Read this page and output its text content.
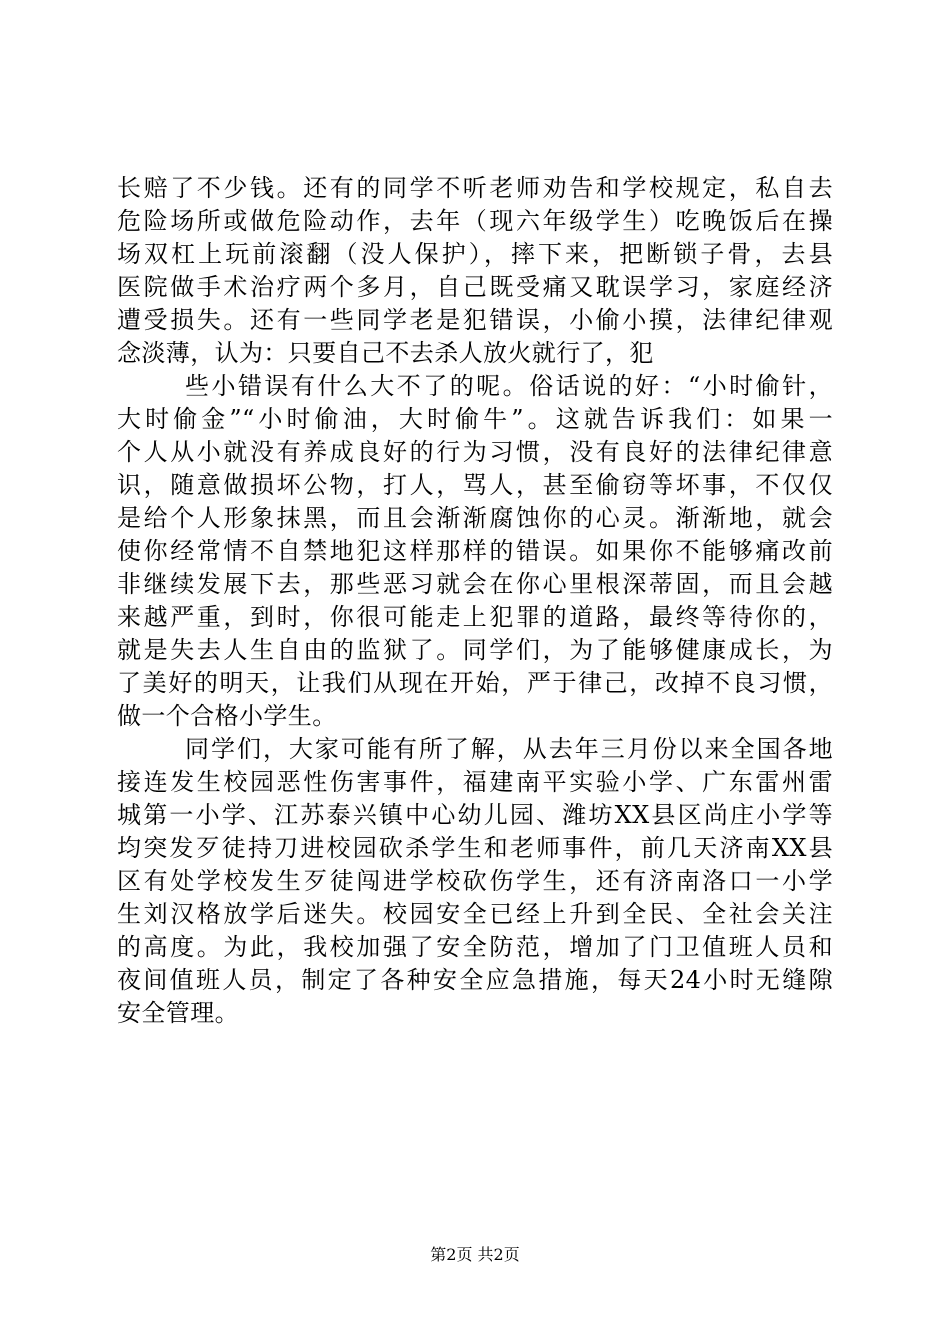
长赔了不少钱。还有的同学不听老师劝告和学校规定，私自去
危险场所或做危险动作，去年（现六年级学生）吃晚饭后在操
场双杠上玩前滚翻（没人保护），摔下来，把断锁子骨，去县
医院做手术治疗两个多月，自己既受痛又耽误学习，家庭经济
遭受损失。还有一些同学老是犯错误，小偷小摸，法律纪律观
念淡薄，认为：只要自己不去杀人放火就行了，犯
些小错误有什么大不了的呢。俗话说的好：“小时偷针，
大时偷金”“小时偷油，大时偷牛”。这就告诉我们：如果一
个人从小就没有养成良好的行为习惯，没有良好的法律纪律意
识，随意做损坏公物，打人，骂人，甚至偷窃等坏事，不仅仅
是给个人形象抹黑，而且会渐渐腐蚀你的心灵。渐渐地，就会
使你经常情不自禁地犯这样那样的错误。如果你不能够痛改前
非继续发展下去，那些恶习就会在你心里根深蒂固，而且会越
来越严重，到时，你很可能走上犯罪的道路，最终等待你的，
就是失去人生自由的监狱了。同学们，为了能够健康成长，为
了美好的明天，让我们从现在开始，严于律己，改掉不良习惯，
做一个合格小学生。
同学们，大家可能有所了解，从去年三月份以来全国各地
接连发生校园恶性伤害事件，福建南平实验小学、广东雷州雷
城第一小学、江苏泰兴镇中心幼儿园、潍坊XX县区尚庄小学等
均突发歹徒持刀进校园砍杀学生和老师事件，前几天济南XX县
区有处学校发生歹徒闯进学校砍伤学生，还有济南洛口一小学
生刘汉格放学后迷失。校园安全已经上升到全民、全社会关注
的高度。为此，我校加强了安全防范，增加了门卫值班人员和
夜间值班人员，制定了各种安全应急措施，每天24小时无缝隙
安全管理。
第2页 共2页
